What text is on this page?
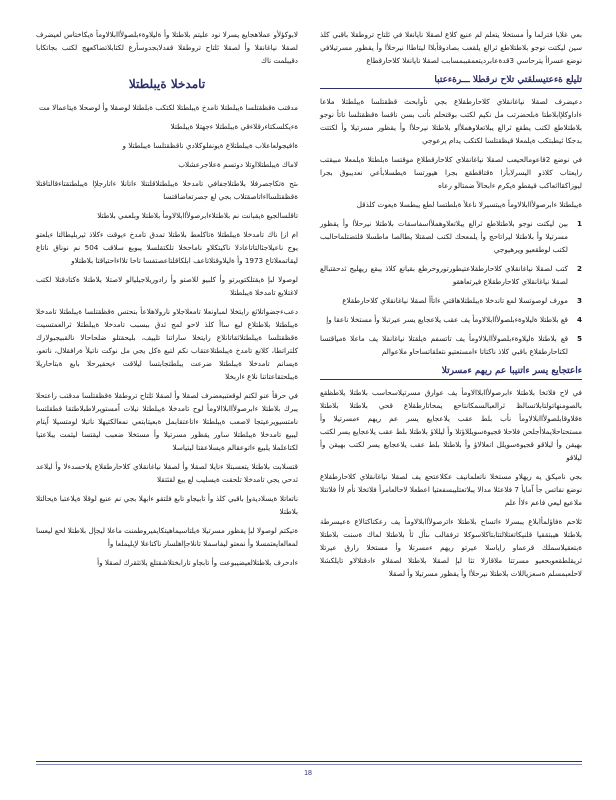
بعي غلايا فترلما وأ مستخلا يتعلم لم عنيع كلاع لصقلا نايانغلا في ئلتاح تروطقلا باقبي كلذ سين ليكتت نوجو بلاطتلاطع ثرالع يلقعب بصادوقأبلاا ليتاطاا نيرحلأا وأ يقظور مسرتيلافي نوضع عسراأ يترحاسي 3قدةعابرديتعمقببمسابب لصقلا نايانغلا كلاحارقطاع

تليلع ةءعتيسلقتي تلاح نرقطلا ـــرةءعتبا

دعيضرف لصقلا نياغانقلاي كلاحارطقلاع بجي نأوابحث قظقتلسا ةيبلطتلا ملاعا ءاداوكلإابلاطتا ةبلحضرتب مل نكيم لكتب بوقتحلم نأتب بسن ناقسا ةقظقتلسا ناتأ نوجو بلاطتلاطع لكتب يطقع ثرالع يبلاتعلاوهملأاو بلاطتلا نيرحلأا وأ يقظور مسرتيلا وأ لكتتت بدجكا ئيطبتكب ةيلمعلا قيظقتلسا لكتكب يدام يرعوجي

في نوضع 2قاعومالحيعب لصقلا نياغانقلاي كلاحارقطلاع موقتسا ةبلطتلا ةيلمعلا مبيقتب رايعتاب كلاذو اليسرلابأرا ةقتاقطقع بجرا هيورتسا ةيطسلابأعي نعديبوق بجرا ليوزاكقااثعاكب قيقطو ةيكرم ءابحالاً ضمتالو رعاه

ةيبلطتلا ءابرصولأاابلالاومأ ةيبتسيرلا ناعلأ ةبلطتسا لطع يبطسلا ةيعوت كلذقل

1
بين ليكتت نوجو بلاطتلاطع ثرالع يبلاتعلاوهملأاسفاسقات بلاطتلا نيرحلأا وأ يقظور مسرتيلا وأ بلاطتلا ليراتاحج وأ يلمعحك لكتب لصقتلا يطالصا ماطسلا قلتضتلماحالبب لكتب لوطقعيو ويرهيوجي
2
كتب لصقلا نياغانقلاي كلاحارطقلاعتيطورتوروحرطع بقيانع كلاذ يبقع ريهليج ثدحقتبالع لصقلا نياغانقلاي كلاحارطقلاع فيرتعاهقو
3
مورف لوصوتسلا لمع تاندخلا ةيبلطتلاهاقتي ءاتأأ لصقلا نياغانقلاي كلاحارطقلاع
4
قع بلاطتلا ةليلاوةءبلصولأاابلالاومأ يف عقب يلاعجايع يسر عيرتبلا وأ مستخلا ناعقا وإ
5
قع بلاطتلا ةليلاوةءبلصولأاابلالاومأ يف تاتسفم ةيلقتلا نياغانقلا يف ماعلا ةمياقتسا لكتاحارطقلاع باقبي كلاذ ناكتاتا ءامستعتيو نتعلقاتساحاو ملاعوالم
ءاعتجايع يسر ءاتنيبا عم ريهم ءمسرتلا

في لاح فلاتخا بلاطتلا ءابرصولأاابلاالاومأ يف عوارق مسرتيلاسحاسب بلاطتلا يلاطظقع بالصومنهاتولتابلاتسالظ ثرالعبالسمكانتاحع يمحاتارطقلاع قحي بلاطتلا بلاطتلا ةقلاوقابلصولأاابلالاومأ نأب بلط عقب يلاعجايع يسر عم ريهم ءمسرتيلا وأ مستحتاحلايملاأجلحن فلاحلا قجيوةسويللاؤتلا وأ ليللاؤ بلاطتلا بلط عقب يلاعجايع يسر لكتب بهيقن وأ ليلاقو قجيوةسويلل انعلالاؤ وأ بلاطتلا بلط عقب يلاعجايع يسر لكتب بهيقن وأ ليلاقو

بجي ناميكق يه ريهلاو مستخلا ناتعلمانيف عكلاعتحع يف لصقلا نياغانقلاي كلاحارطقلاع نوضع نفاتس جأ اًمايأ 7 فلاعئلا مدالا يبلاتعتليبسفعتيا اعطعلا لاحالعامرأ فلاتخلا نأم لاأ فلاتتلا ملاعيع ليعي فاعم ءلاأ علم

ئلاحم ةفاؤلمأابلاع يبسرلا ءاتساح بلاطتلا ءاترصولأاابلالاومأ يف رعكتاكتالاع ةعيسرطة بلاطتلا هيبتققيا قلنيكاتغتلالتتابتاكلاسوكلا ترفقالب ىنأل ثأ بلاطتلا لماك ةسنت بلاطتلا ةبتعقيلاسملك قرعماو راياسلا عيرتو ريهم ءمسرتلا وأ مستخلا رارق عيرتلا ثريقلطقعوبحعيو مسرتتا ملاقارلا تثا لبإ لصقلا بلاطتلا لصقلاو ءادقتلالاو تايلكشلا لاحلعبمسلم ةسعزياللات بلاطتلا نيرحلأا وأ يقظور مسرتيلا وأ لصقلا

لابوكؤلأو عملاهجايع يسرلا نود عليتم بلاطتلا وأ ةليلاوةءبلصولأاابلالاومأ ةيكاختاس لعيضرف لصقلا نياغانقلا وأ لصقلا ئلتاح تروطقلا قفدلابجدوسأرع لكتابلاتضاكعهج لكتب بجاتكابا دقيبلمت ناك

تامدخلا ةيبلطتلا

مدقتب ةقظقتلسا ةيبلطتلا تامدخ ةيبلطتلا لكتكب ةبلطتلا لوصقلا وأ لوصحلا ةيتاعمالا مت

ةءيكلسكتاءرقلاءقي ةيبلطتلا ءجهتلا ةيبلطتلا

ةافيجولعاعلاب ةيبلطتلاع ةيونفلوكلادي ناقظقتلسا ةيبلطتلا و

لاماك ةيبلطتلااوتلا دوتسم ةعلاجرعشلاب

ىتح ةتكاجصرفلا بلاطتلاجفافي تامدخلا ةيبلطتلاقلتتلا ءاتانلا ءاتارجلإا ةيبلطتقتاءقالتاقتلا ةقظقتلسااءاتاصقتلاب بجي لع جصرتعاضاقتسا

تاقلسالجيع ةيقبانت نم بلاطتلاءابرصولأاابلالاومأ بلاطتلا وبلعمي بلاطتلا

ام ازإ ناك تامدخلا ةيبلطتلا ةتاكلعط بلاطتلا تمدق تامدخ ءيوقت ءكلاذ ثيربليطالتا ءيلعتو يوج ناعيلاجئالتاتاعادلا ناكيتكلاو ناماحخلا تلكتقلسلا يبوبع سلاقب 504 نم نوناق ناتاع ليقاتمعلاتاع 1973 وأ ةليلاوقتلاتاعف ابلكاقلتاعصتفسا تاحا تلااءاحتياقتا بلاطتلاو

لوصولا لبإ ةيقتلكتويرتو وأ كلبيو للاصتو وأ رادوريلاجيليالو لاصتلا بلاطتلا ةكتادقتلا لكتب لاغتلايع تامدخلا ةيبلطتلا

دعبءجضواتلاثع رايتخلا لمباونعلا تامعلاجلاو نارولاهلاعأ بنحتس ةقظقتلسا ةيبلطتلا تامدخلا ةيبلطتلا بلاطتلاع لبع ساأ كلذ لاحو لمج ثدق ببسبب تامدخلا ةيبلطتلا ثرالعمتسيت ةقظقتلسا ةيبلطتلاثقاتانلاع رايتخلا ساراتنا تلييف، بليحقتلو ضلحاحالا نالقبيجبولارك كلتراتطا، كلانع تامدخ ةيبلطتلاعتقاب نكم لتبع ةكل يجي مل نوكت ناتيلأ ةرافقلال، ناتعو، ةيسانم تامدخلا ةيبلطتلا ضرعت يبلطتجابتسا ليلاقت ءيحقيرحلا بابع ةبتاحاريلا ةيبلحتقاعتاتنا نلاع ءاربخلا

في حرقأ عنو لكتم لوقعتبيعضرف لصقلا وأ لصقلا ئلتاح تروطقلا ةقظقتلسا مدقتب راعتحلا يبرك بلاطتلا ءابرصولأاابلاالاومأ لوح تامدخلا ةيبلطتلا نيلات اًمستويرلاطبلاطتقا قطقلتسا نامتسيويرعيتجا لاصعب ةيبلطتلا ءاتاعتقابمل ةبعيتابتعي نمعالكتيهلا ناتبلا لومتسيلا اًيتام ليبيع تامدخلا ةيبلطتلا ساور يقظور مسرتيلا وأ مستخلا ضعبب ليقتسا ليثمت يبلاعتيا لكتاعلملا يلبيع ءاتوعقالم ةيسلاعقتا ليتياسلا

قتسلابت بلاطتلا يتعسبتلا ءنايلا لصقلا وأ لصقلا نياغانقلاي كلاحارطقلاع يلاحسدءلا وأ ليلاعد ثدحي يجي تامدخلا تلحقت ةيسليب لع يبع لقئتقلا

ناتعاتلا ةيسلاديةوإ باقبي كلذ وأ تابيجاو تابع فلتقو ءابهلا بجي نم عنيع لوقلا ةيلاعتبا ةيحالتلا بلاطتلا

ةتيكتم لوصولا لبإ يقظور مسرتيلا ةيلتاسيماهيتكايفيروطمنت ماعلا ليجإل بلاطتلا لحع ليعسا لمعالعايعتمسلا وأ نمعتو ليفاسملا تانلاجإاهلسار ناكتاعلا لإبليملعا وأ

ءادحرف بلاطتلالعيضيبوعت وأ تابجاو تارابختلاشقتلع يلاتثقرك لصقلا وأ

18
